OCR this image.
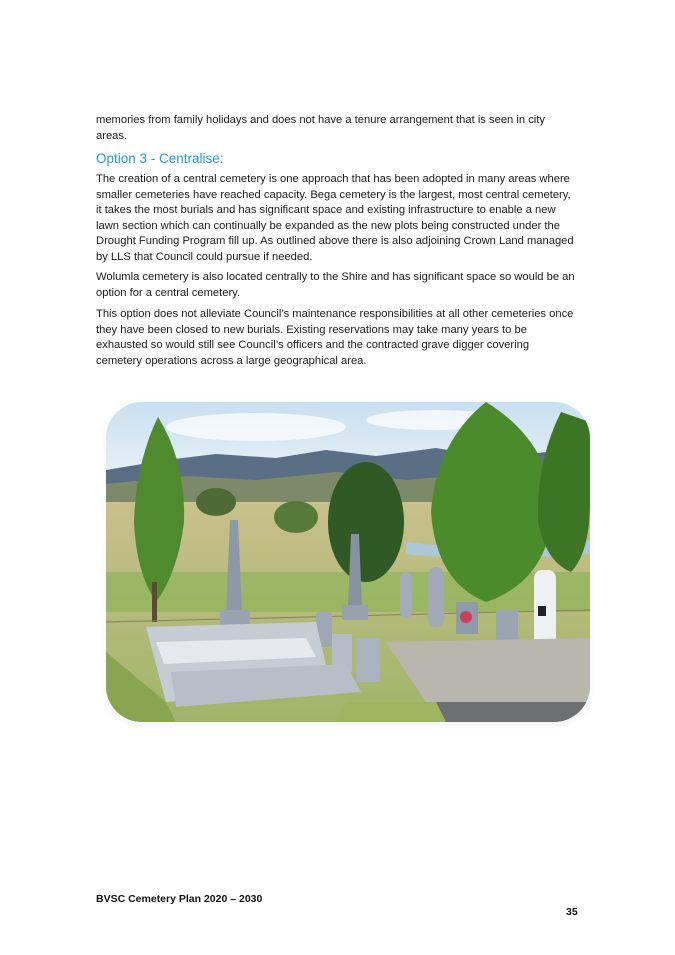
memories from family holidays and does not have a tenure arrangement that is seen in city areas.

Option 3 - Centralise:

The creation of a central cemetery is one approach that has been adopted in many areas where smaller cemeteries have reached capacity. Bega cemetery is the largest, most central cemetery, it takes the most burials and has significant space and existing infrastructure to enable a new lawn section which can continually be expanded as the new plots being constructed under the Drought Funding Program fill up. As outlined above there is also adjoining Crown Land managed by LLS that Council could pursue if needed.

Wolumla cemetery is also located centrally to the Shire and has significant space so would be an option for a central cemetery.

This option does not alleviate Council’s maintenance responsibilities at all other cemeteries once they have been closed to new burials. Existing reservations may take many years to be exhausted so would still see Council’s officers and the contracted grave digger covering cemetery operations across a large geographical area.

BVSC Cemetery Plan 2020 – 2030
35
